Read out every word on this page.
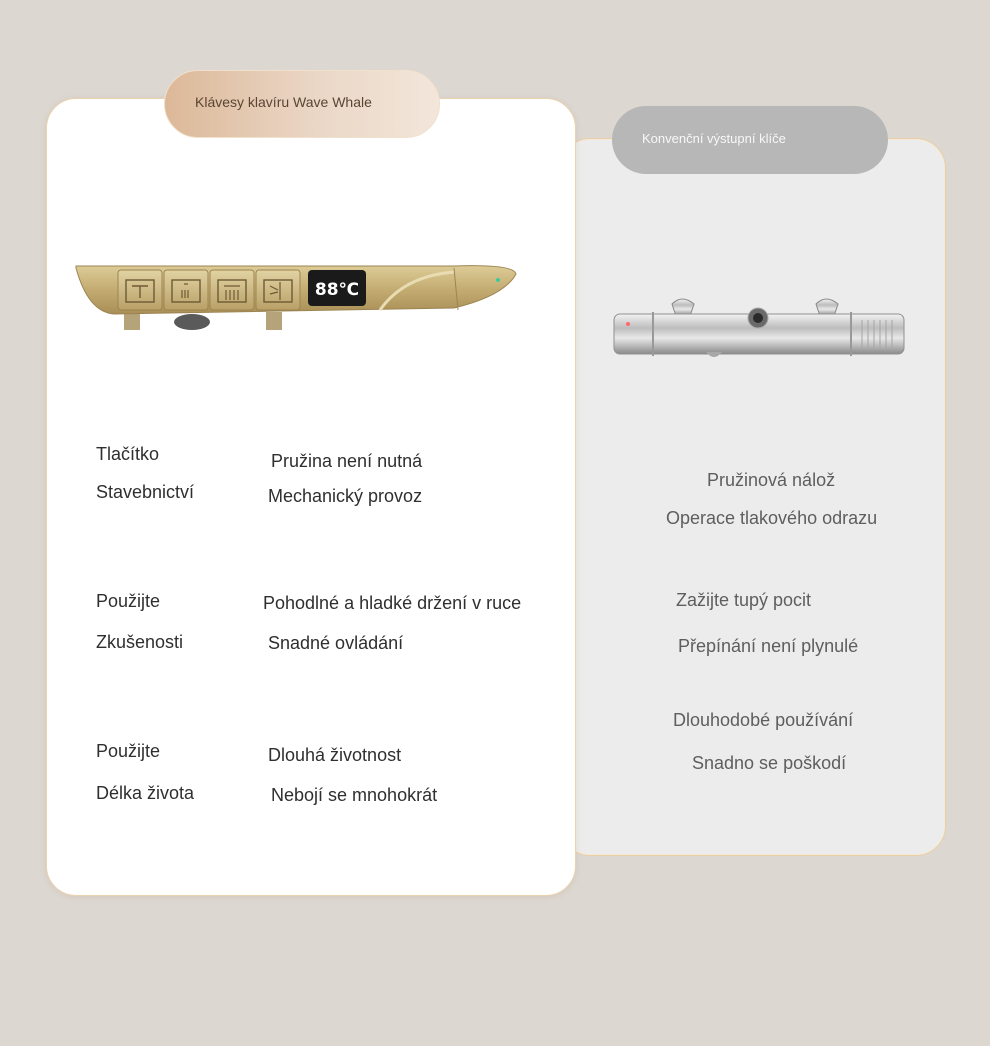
Klávesy klavíru Wave Whale
Konvenční výstupní klíče
88℃
Tlačítko
Stavebnictví
Pružina není nutná
Mechanický provoz
Použijte
Zkušenosti
Pohodlné a hladké držení v ruce
Snadné ovládání
Použijte
Délka života
Dlouhá životnost
Nebojí se mnohokrát
Pružinová nálož
Operace tlakového odrazu
Zažijte tupý pocit
Přepínání není plynulé
Dlouhodobé používání
Snadno se poškodí
